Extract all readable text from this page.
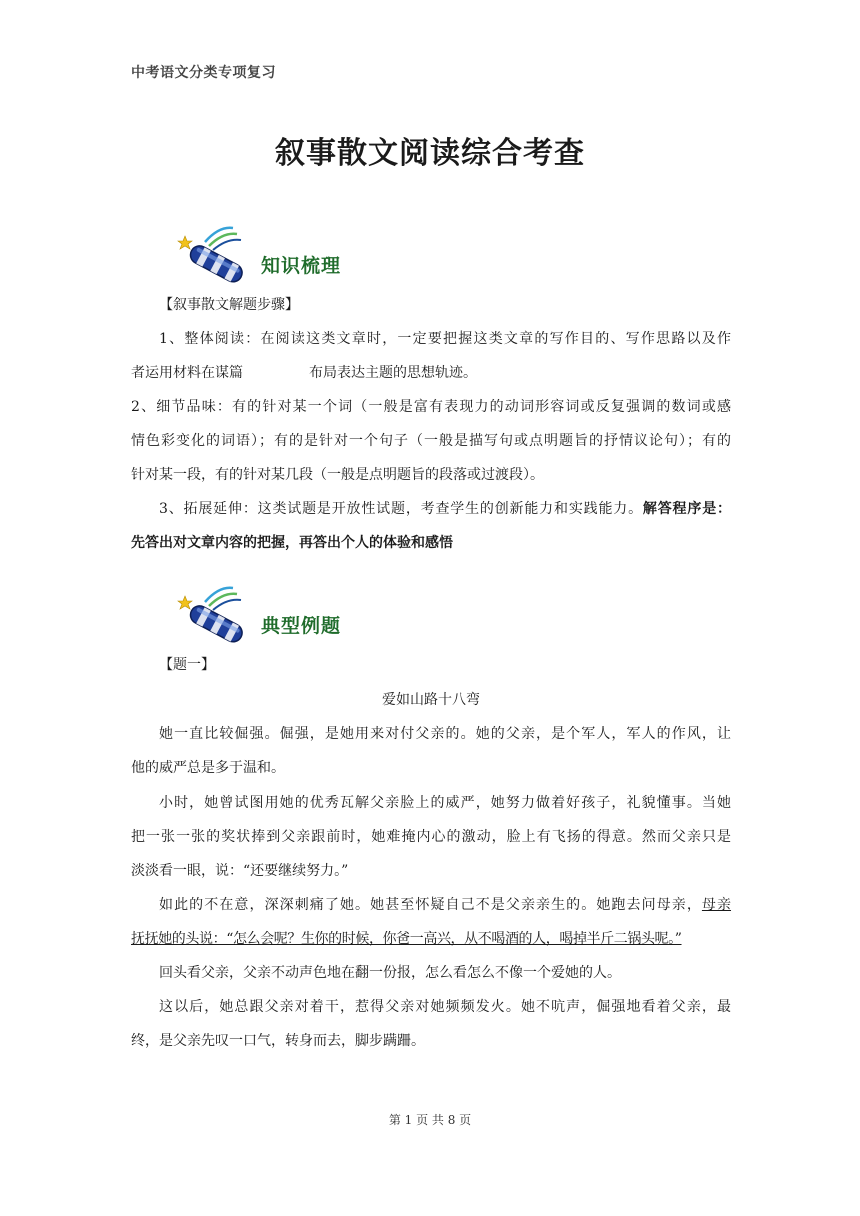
中考语文分类专项复习
叙事散文阅读综合考查
知识梳理
【叙事散文解题步骤】
1、整体阅读：在阅读这类文章时，一定要把握这类文章的写作目的、写作思路以及作
者运用材料在谋篇	布局表达主题的思想轨迹。
2、细节品味：有的针对某一个词（一般是富有表现力的动词形容词或反复强调的数词或感
情色彩变化的词语）；有的是针对一个句子（一般是描写句或点明题旨的抒情议论句）；有的
针对某一段，有的针对某几段（一般是点明题旨的段落或过渡段）。
3、拓展延伸：这类试题是开放性试题，考查学生的创新能力和实践能力。解答程序是：
先答出对文章内容的把握，再答出个人的体验和感悟
典型例题
【题一】
爱如山路十八弯
她一直比较倔强。倔强，是她用来对付父亲的。她的父亲，是个军人，军人的作风，让
他的威严总是多于温和。
小时，她曾试图用她的优秀瓦解父亲脸上的威严，她努力做着好孩子，礼貌懂事。当她
把一张一张的奖状捧到父亲跟前时，她难掩内心的激动，脸上有飞扬的得意。然而父亲只是
淡淡看一眼，说：“还要继续努力。”
如此的不在意，深深刺痛了她。她甚至怀疑自己不是父亲亲生的。她跑去问母亲，母亲
抚抚她的头说：“怎么会呢？生你的时候，你爸一高兴，从不喝酒的人，喝掉半斤二锅头呢。”
回头看父亲，父亲不动声色地在翻一份报，怎么看怎么不像一个爱她的人。
这以后，她总跟父亲对着干，惹得父亲对她频频发火。她不吭声，倔强地看着父亲，最
终，是父亲先叹一口气，转身而去，脚步蹒跚。
第 1 页 共 8 页
